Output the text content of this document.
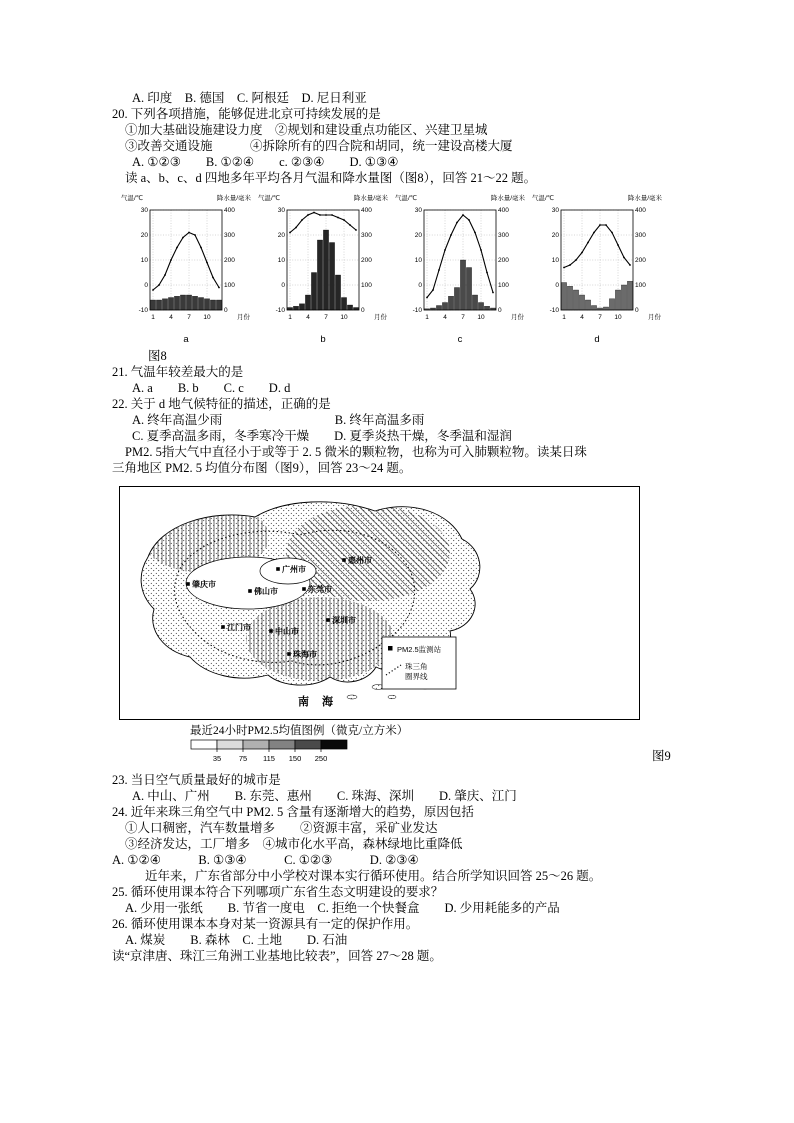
A. 印度　B. 德国　C. 阿根廷　D. 尼日利亚
20. 下列各项措施，能够促进北京可持续发展的是
①加大基础设施建设力度　②规划和建设重点功能区、兴建卫星城
③改善交通设施　　　④拆除所有的四合院和胡同，统一建设高楼大厦
A. ①②③　　B. ①②④　　c. ②③④　　D. ①③④
读 a、b、c、d 四地多年平均各月气温和降水量图（图8），回答 21～22 题。
气温/℃	降水量/毫米
30
20
10
0
-10
400
300
200
100
0
1 4 7 10	月份
a
气温/℃	降水量/毫米
30
20
10
0
-10
400
300
200
100
0
1 4 7 10	月份
b
气温/℃	降水量/毫米
30
20
10
0
-10
400
300
200
100
0
1 4 7 10	月份
c
气温/℃	降水量/毫米
30
20
10
0
-10
400
300
200
100
0
1 4 7 10	月份
d
图8
21. 气温年较差最大的是
A. a　　B. b　　C. c　　D. d
22. 关于 d 地气候特征的描述，正确的是
A. 终年高温少雨　　　　　　　　　B. 终年高温多雨
C. 夏季高温多雨，冬季寒冷干燥　　D. 夏季炎热干燥，冬季温和湿润
PM2. 5指大气中直径小于或等于 2. 5 微米的颗粒物，也称为可入肺颗粒物。读某日珠
三角地区 PM2. 5 均值分布图（图9），回答 23～24 题。
肇庆市
广州市
惠州市
佛山市	东莞市
江门市	中山市
深圳市
珠海市
南 海
PM2.5监测站
珠三角
圈界线
最近24小时PM2.5均值图例（微克/立方米）
35 75 115 150 250	图9
23. 当日空气质量最好的城市是
A. 中山、广州　　B. 东莞、惠州　　C. 珠海、深圳　　D. 肇庆、江门
24. 近年来珠三角空气中 PM2. 5 含量有逐渐增大的趋势，原因包括
①人口稠密，汽车数量增多　　②资源丰富，采矿业发达
③经济发达，工厂增多　④城市化水平高，森林绿地比重降低
A. ①②④　　　B. ①③④　　　C. ①②③　　　D. ②③④
近年来，广东省部分中小学校对课本实行循环使用。结合所学知识回答 25～26 题。
25. 循环使用课本符合下列哪项广东省生态文明建设的要求？
A. 少用一张纸　　B. 节省一度电　C. 拒绝一个快餐盒　　D. 少用耗能多的产品
26. 循环使用课本本身对某一资源具有一定的保护作用。
A. 煤炭　　B. 森林　C. 土地　　D. 石油
读“京津唐、珠江三角洲工业基地比较表”，回答 27～28 题。
